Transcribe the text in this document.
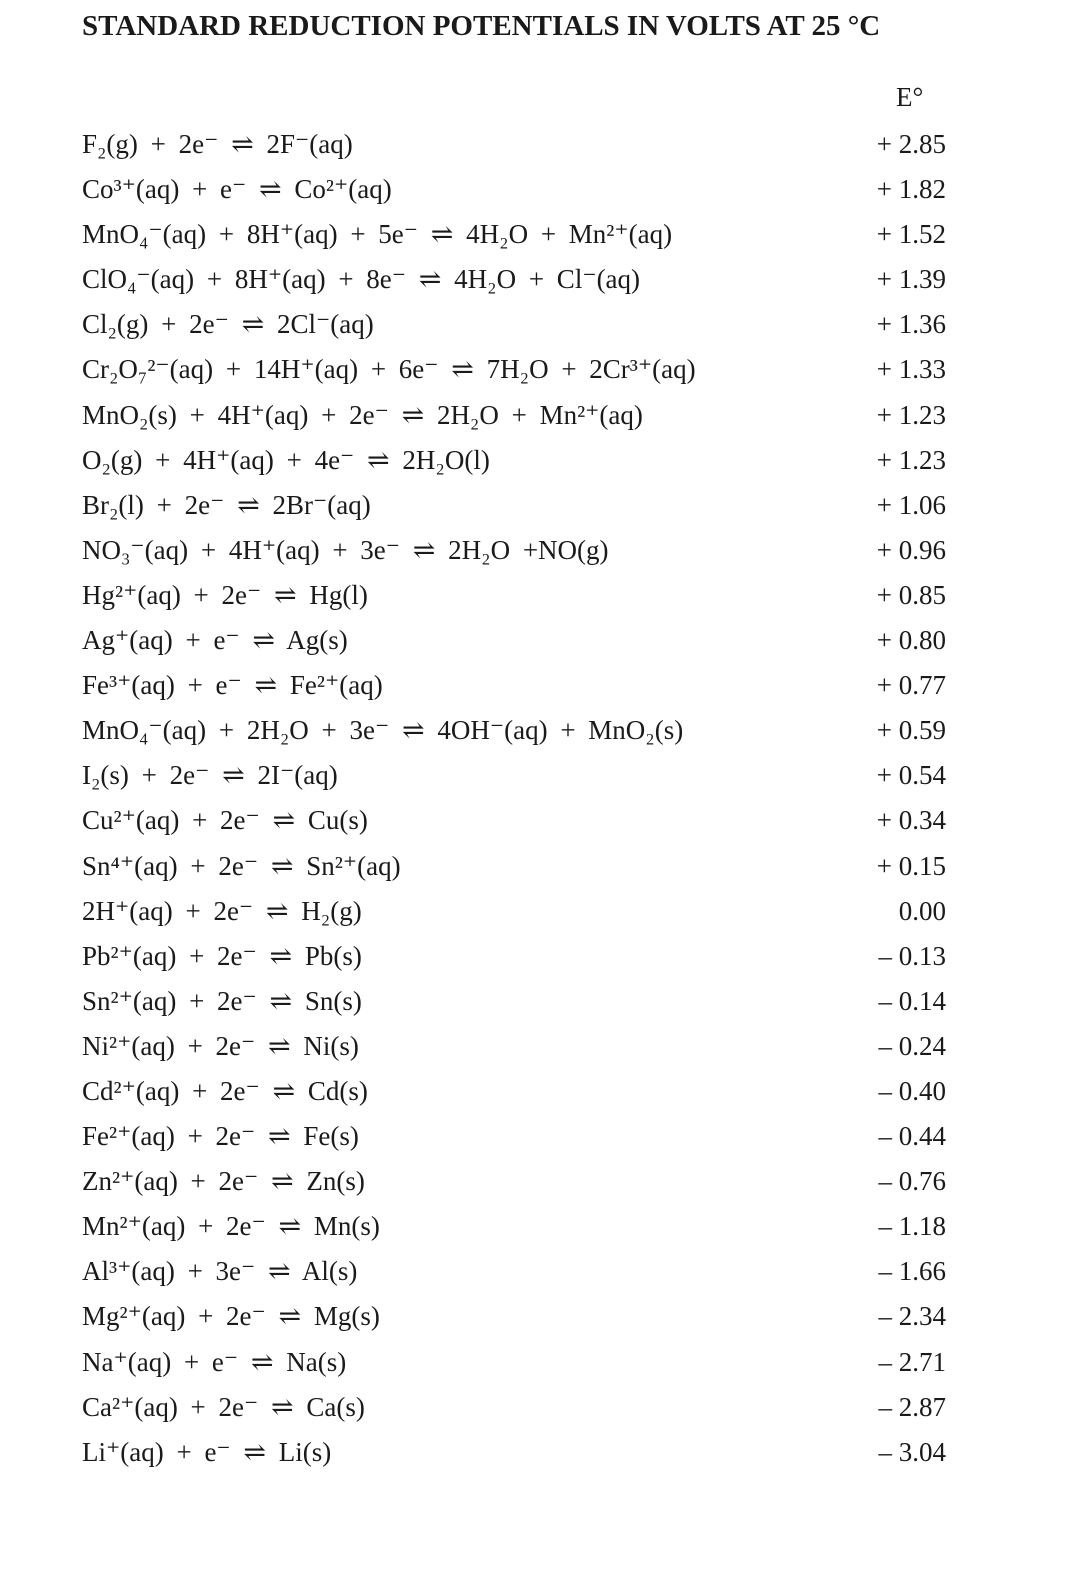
STANDARD REDUCTION POTENTIALS IN VOLTS AT 25 °C
E°
F₂(g) + 2e⁻ ⇌ 2F⁻(aq)	+ 2.85
Co³⁺(aq) + e⁻ ⇌ Co²⁺(aq)	+ 1.82
MnO₄⁻(aq) + 8H⁺(aq) + 5e⁻ ⇌ 4H₂O + Mn²⁺(aq)	+ 1.52
ClO₄⁻(aq) + 8H⁺(aq) + 8e⁻ ⇌ 4H₂O + Cl⁻(aq)	+ 1.39
Cl₂(g) + 2e⁻ ⇌ 2Cl⁻(aq)	+ 1.36
Cr₂O₇²⁻(aq) + 14H⁺(aq) + 6e⁻ ⇌ 7H₂O + 2Cr³⁺(aq)	+ 1.33
MnO₂(s) + 4H⁺(aq) + 2e⁻ ⇌ 2H₂O + Mn²⁺(aq)	+ 1.23
O₂(g) + 4H⁺(aq) + 4e⁻ ⇌ 2H₂O(l)	+ 1.23
Br₂(l) + 2e⁻ ⇌ 2Br⁻(aq)	+ 1.06
NO₃⁻(aq) + 4H⁺(aq) + 3e⁻ ⇌ 2H₂O +NO(g)	+ 0.96
Hg²⁺(aq) + 2e⁻ ⇌ Hg(l)	+ 0.85
Ag⁺(aq) + e⁻ ⇌ Ag(s)	+ 0.80
Fe³⁺(aq) + e⁻ ⇌ Fe²⁺(aq)	+ 0.77
MnO₄⁻(aq) + 2H₂O + 3e⁻ ⇌ 4OH⁻(aq) + MnO₂(s)	+ 0.59
I₂(s) + 2e⁻ ⇌ 2I⁻(aq)	+ 0.54
Cu²⁺(aq) + 2e⁻ ⇌ Cu(s)	+ 0.34
Sn⁴⁺(aq) + 2e⁻ ⇌ Sn²⁺(aq)	+ 0.15
2H⁺(aq) + 2e⁻ ⇌ H₂(g)	0.00
Pb²⁺(aq) + 2e⁻ ⇌ Pb(s)	– 0.13
Sn²⁺(aq) + 2e⁻ ⇌ Sn(s)	– 0.14
Ni²⁺(aq) + 2e⁻ ⇌ Ni(s)	– 0.24
Cd²⁺(aq) + 2e⁻ ⇌ Cd(s)	– 0.40
Fe²⁺(aq) + 2e⁻ ⇌ Fe(s)	– 0.44
Zn²⁺(aq) + 2e⁻ ⇌ Zn(s)	– 0.76
Mn²⁺(aq) + 2e⁻ ⇌ Mn(s)	– 1.18
Al³⁺(aq) + 3e⁻ ⇌ Al(s)	– 1.66
Mg²⁺(aq) + 2e⁻ ⇌ Mg(s)	– 2.34
Na⁺(aq) + e⁻ ⇌ Na(s)	– 2.71
Ca²⁺(aq) + 2e⁻ ⇌ Ca(s)	– 2.87
Li⁺(aq) + e⁻ ⇌ Li(s)	– 3.04
